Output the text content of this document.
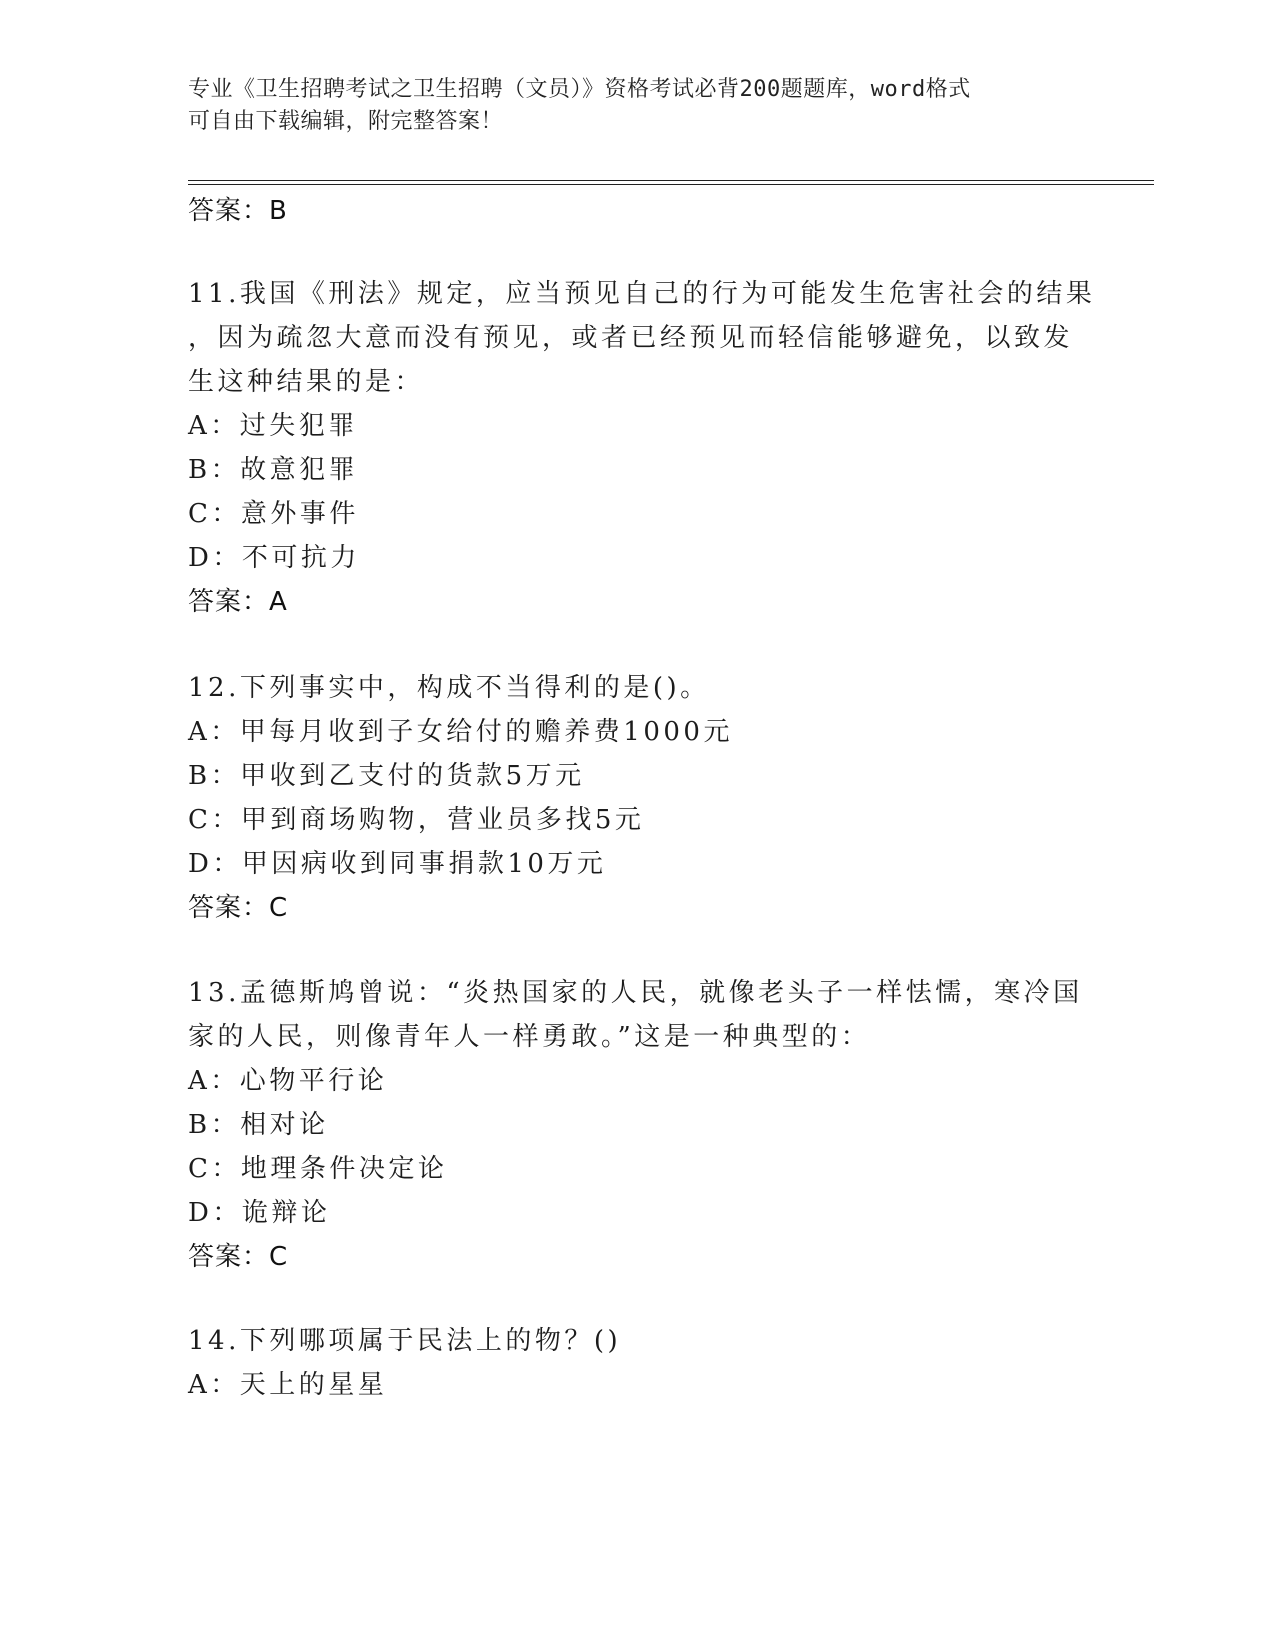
专业《卫生招聘考试之卫生招聘（文员）》资格考试必背200题题库，word格式
可自由下载编辑，附完整答案！
答案：B
11.我国《刑法》规定，应当预见自己的行为可能发生危害社会的结果
，因为疏忽大意而没有预见，或者已经预见而轻信能够避免，以致发
生这种结果的是：
A：过失犯罪
B：故意犯罪
C：意外事件
D：不可抗力
答案：A
12.下列事实中，构成不当得利的是()。
A：甲每月收到子女给付的赡养费1000元
B：甲收到乙支付的货款5万元
C：甲到商场购物，营业员多找5元
D：甲因病收到同事捐款10万元
答案：C
13.孟德斯鸠曾说：“炎热国家的人民，就像老头子一样怯懦，寒冷国
家的人民，则像青年人一样勇敢。”这是一种典型的：
A：心物平行论
B：相对论
C：地理条件决定论
D：诡辩论
答案：C
14.下列哪项属于民法上的物？()
A：天上的星星
